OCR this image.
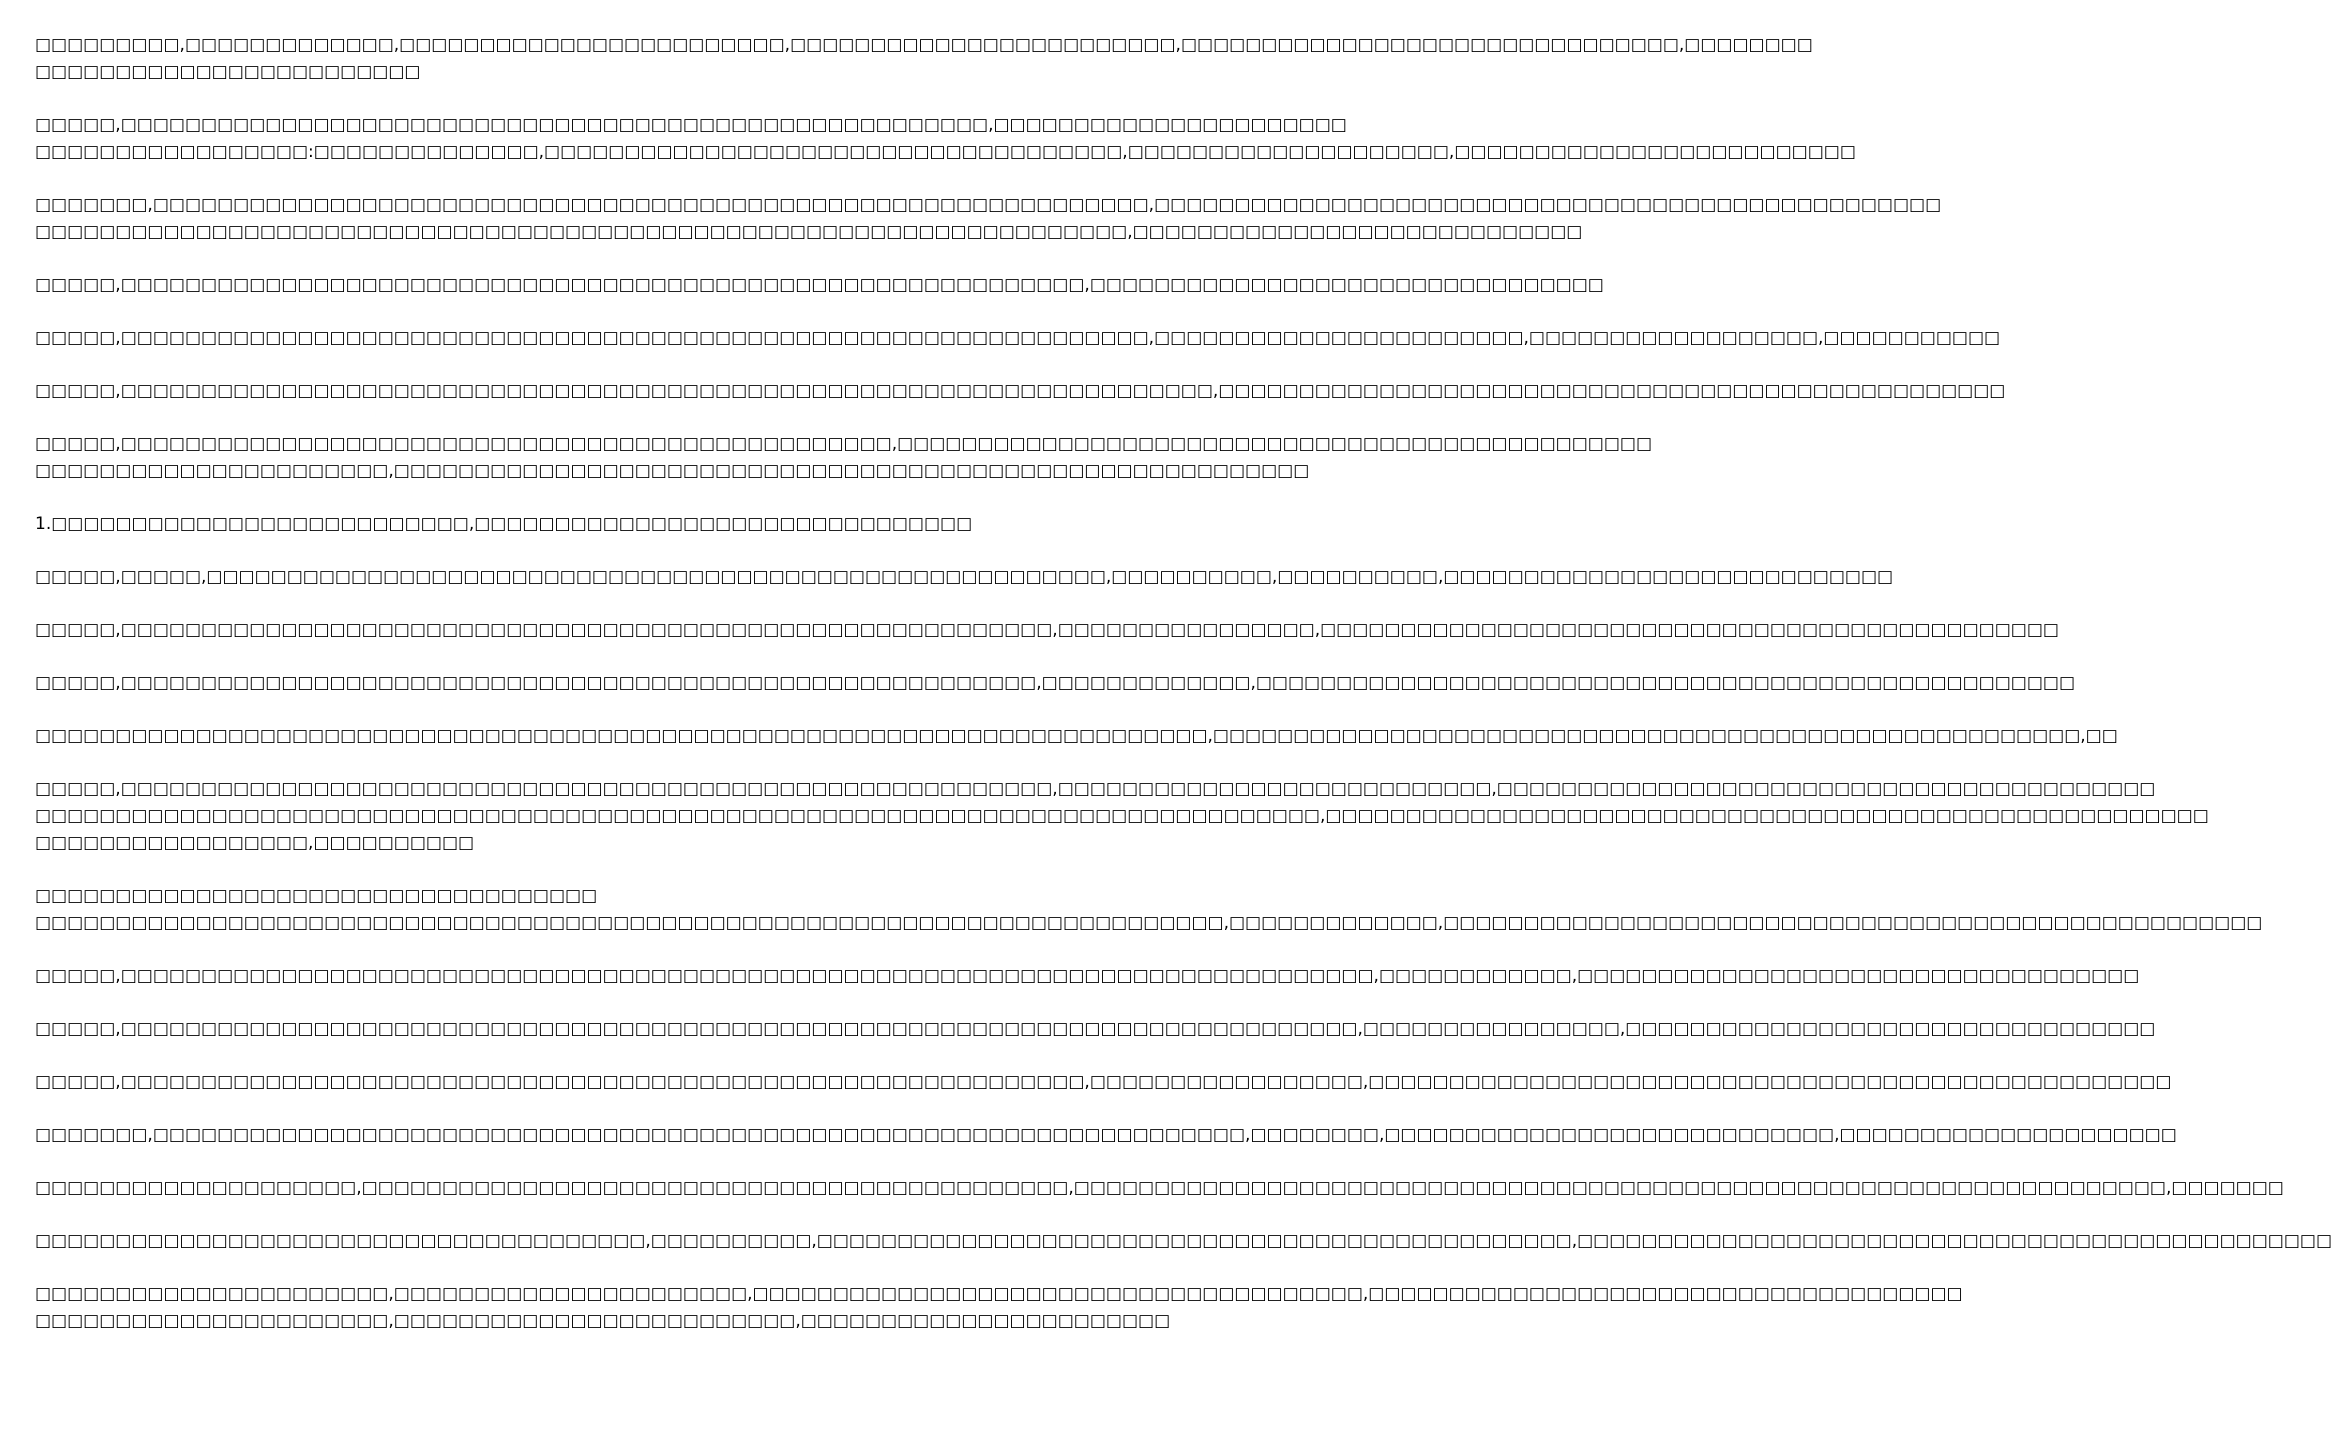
□□□□□□□□□,□□□□□□□□□□□□□,□□□□□□□□□□□□□□□□□□□□□□□□,□□□□□□□□□□□□□□□□□□□□□□□□,□□□□□□□□□□□□□□□□□□□□□□□□□□□□□□□,□□□□□□□□
□□□□□□□□□□□□□□□□□□□□□□□□
□□□□□,□□□□□□□□□□□□□□□□□□□□□□□□□□□□□□□□□□□□□□□□□□□□□□□□□□□□□□,□□□□□□□□□□□□□□□□□□□□□□
□□□□□□□□□□□□□□□□□:□□□□□□□□□□□□□□,□□□□□□□□□□□□□□□□□□□□□□□□□□□□□□□□□□□□,□□□□□□□□□□□□□□□□□□□□,□□□□□□□□□□□□□□□□□□□□□□□□□
□□□□□□□,□□□□□□□□□□□□□□□□□□□□□□□□□□□□□□□□□□□□□□□□□□□□□□□□□□□□□□□□□□□□□□,□□□□□□□□□□□□□□□□□□□□□□□□□□□□□□□□□□□□□□□□□□□□□□□□□
□□□□□□□□□□□□□□□□□□□□□□□□□□□□□□□□□□□□□□□□□□□□□□□□□□□□□□□□□□□□□□□□□□□□,□□□□□□□□□□□□□□□□□□□□□□□□□□□□
□□□□□,□□□□□□□□□□□□□□□□□□□□□□□□□□□□□□□□□□□□□□□□□□□□□□□□□□□□□□□□□□□□,□□□□□□□□□□□□□□□□□□□□□□□□□□□□□□□□
□□□□□,□□□□□□□□□□□□□□□□□□□□□□□□□□□□□□□□□□□□□□□□□□□□□□□□□□□□□□□□□□□□□□□□,□□□□□□□□□□□□□□□□□□□□□□□,□□□□□□□□□□□□□□□□□□,□□□□□□□□□□□
□□□□□,□□□□□□□□□□□□□□□□□□□□□□□□□□□□□□□□□□□□□□□□□□□□□□□□□□□□□□□□□□□□□□□□□□□□,□□□□□□□□□□□□□□□□□□□□□□□□□□□□□□□□□□□□□□□□□□□□□□□□□
□□□□□,□□□□□□□□□□□□□□□□□□□□□□□□□□□□□□□□□□□□□□□□□□□□□□□□,□□□□□□□□□□□□□□□□□□□□□□□□□□□□□□□□□□□□□□□□□□□□□□□
□□□□□□□□□□□□□□□□□□□□□□,□□□□□□□□□□□□□□□□□□□□□□□□□□□□□□□□□□□□□□□□□□□□□□□□□□□□□□□□□
1.□□□□□□□□□□□□□□□□□□□□□□□□□□,□□□□□□□□□□□□□□□□□□□□□□□□□□□□□□□
□□□□□,□□□□□,□□□□□□□□□□□□□□□□□□□□□□□□□□□□□□□□□□□□□□□□□□□□□□□□□□□□□□□□,□□□□□□□□□□,□□□□□□□□□□,□□□□□□□□□□□□□□□□□□□□□□□□□□□□
□□□□□,□□□□□□□□□□□□□□□□□□□□□□□□□□□□□□□□□□□□□□□□□□□□□□□□□□□□□□□□□□,□□□□□□□□□□□□□□□□,□□□□□□□□□□□□□□□□□□□□□□□□□□□□□□□□□□□□□□□□□□□□□□
□□□□□,□□□□□□□□□□□□□□□□□□□□□□□□□□□□□□□□□□□□□□□□□□□□□□□□□□□□□□□□□,□□□□□□□□□□□□□,□□□□□□□□□□□□□□□□□□□□□□□□□□□□□□□□□□□□□□□□□□□□□□□□□□□
□□□□□□□□□□□□□□□□□□□□□□□□□□□□□□□□□□□□□□□□□□□□□□□□□□□□□□□□□□□□□□□□□□□□□□□□□,□□□□□□□□□□□□□□□□□□□□□□□□□□□□□□□□□□□□□□□□□□□□□□□□□□□□□□,□□
□□□□□,□□□□□□□□□□□□□□□□□□□□□□□□□□□□□□□□□□□□□□□□□□□□□□□□□□□□□□□□□□,□□□□□□□□□□□□□□□□□□□□□□□□□□□,□□□□□□□□□□□□□□□□□□□□□□□□□□□□□□□□□□□□□□□□□
□□□□□□□□□□□□□□□□□□□□□□□□□□□□□□□□□□□□□□□□□□□□□□□□□□□□□□□□□□□□□□□□□□□□□□□□□□□□□□□□,□□□□□□□□□□□□□□□□□□□□□□□□□□□□□□□□□□□□□□□□□□□□□□□□□□□□□□□
□□□□□□□□□□□□□□□□□,□□□□□□□□□□
□□□□□□□□□□□□□□□□□□□□□□□□□□□□□□□□□□□
□□□□□□□□□□□□□□□□□□□□□□□□□□□□□□□□□□□□□□□□□□□□□□□□□□□□□□□□□□□□□□□□□□□□□□□□□□,□□□□□□□□□□□□□,□□□□□□□□□□□□□□□□□□□□□□□□□□□□□□□□□□□□□□□□□□□□□□□□□□□
□□□□□,□□□□□□□□□□□□□□□□□□□□□□□□□□□□□□□□□□□□□□□□□□□□□□□□□□□□□□□□□□□□□□□□□□□□□□□□□□□□□□,□□□□□□□□□□□□,□□□□□□□□□□□□□□□□□□□□□□□□□□□□□□□□□□□
□□□□□,□□□□□□□□□□□□□□□□□□□□□□□□□□□□□□□□□□□□□□□□□□□□□□□□□□□□□□□□□□□□□□□□□□□□□□□□□□□□□,□□□□□□□□□□□□□□□□,□□□□□□□□□□□□□□□□□□□□□□□□□□□□□□□□□
□□□□□,□□□□□□□□□□□□□□□□□□□□□□□□□□□□□□□□□□□□□□□□□□□□□□□□□□□□□□□□□□□□,□□□□□□□□□□□□□□□□□,□□□□□□□□□□□□□□□□□□□□□□□□□□□□□□□□□□□□□□□□□□□□□□□□□□
□□□□□□□,□□□□□□□□□□□□□□□□□□□□□□□□□□□□□□□□□□□□□□□□□□□□□□□□□□□□□□□□□□□□□□□□□□□□,□□□□□□□□,□□□□□□□□□□□□□□□□□□□□□□□□□□□□,□□□□□□□□□□□□□□□□□□□□□
□□□□□□□□□□□□□□□□□□□□,□□□□□□□□□□□□□□□□□□□□□□□□□□□□□□□□□□□□□□□□□□□□,□□□□□□□□□□□□□□□□□□□□□□□□□□□□□□□□□□□□□□□□□□□□□□□□□□□□□□□□□□□□□□□□□□□□,□□□□□□□
□□□□□□□□□□□□□□□□□□□□□□□□□□□□□□□□□□□□□□,□□□□□□□□□□,□□□□□□□□□□□□□□□□□□□□□□□□□□□□□□□□□□□□□□□□□□□□□□□,□□□□□□□□□□□□□□□□□□□□□□□□□□□□□□□□□□□□□□□□□□□□□□□
□□□□□□□□□□□□□□□□□□□□□□,□□□□□□□□□□□□□□□□□□□□□□,□□□□□□□□□□□□□□□□□□□□□□□□□□□□□□□□□□□□□□,□□□□□□□□□□□□□□□□□□□□□□□□□□□□□□□□□□□□□
□□□□□□□□□□□□□□□□□□□□□□,□□□□□□□□□□□□□□□□□□□□□□□□□,□□□□□□□□□□□□□□□□□□□□□□□
